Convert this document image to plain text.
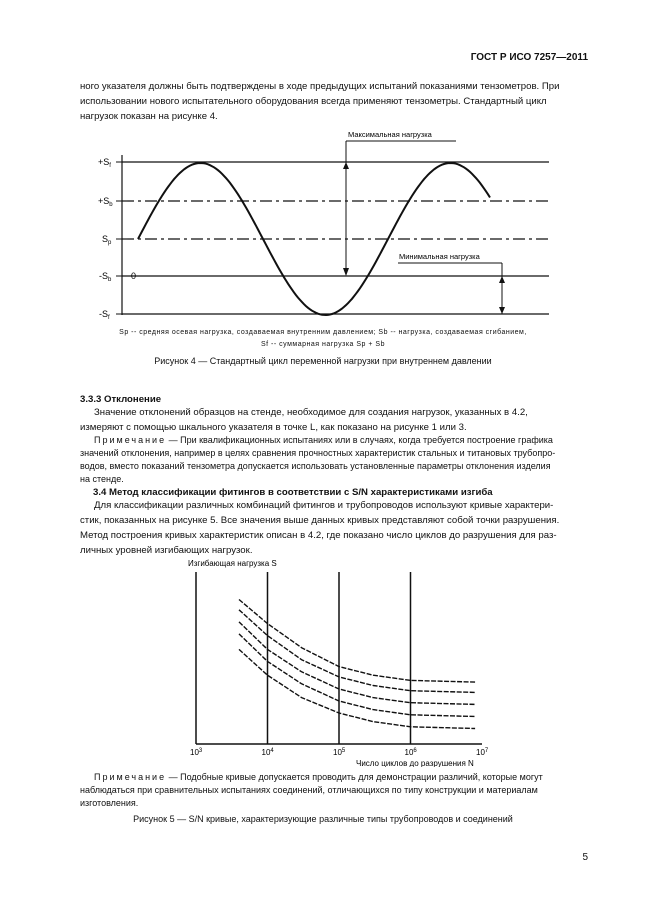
ГОСТ Р ИСО 7257—2011
ного указателя должны быть подтверждены в ходе предыдущих испытаний показаниями тензометров. При
использовании нового испытательного оборудования всегда применяют тензометры. Стандартный цикл
нагрузок показан на рисунке 4.
Максимальная нагрузка
Минимальная нагрузка
$+S_f$
$+S_b$
$S_p$
$-S_b$
$-S_f$
0
Sp -- средняя осевая нагрузка, создаваемая внутренним давлением; Sb -- нагрузка, создаваемая сгибанием,
Sf -- суммарная нагрузка Sp + Sb
Рисунок 4 — Стандартный цикл переменной нагрузки при внутреннем давлении
3.3.3 Отклонение
Значение отклонений образцов на стенде, необходимое для создания нагрузок, указанных в 4.2,
измеряют с помощью шкального указателя в точке L, как показано на рисунке 1 или 3.
Примечание — При квалификационных испытаниях или в случаях, когда требуется построение графика
значений отклонения, например в целях сравнения прочностных характеристик стальных и титановых трубопро-
водов, вместо показаний тензометра допускается использовать установленные параметры отклонения изделия
на стенде.
3.4 Метод классификации фитингов в соответствии с S/N характеристиками изгиба
Для классификации различных комбинаций фитингов и трубопроводов используют кривые характери-
стик, показанных на рисунке 5. Все значения выше данных кривых представляют собой точки разрушения.
Метод построения кривых характеристик описан в 4.2, где показано число циклов до разрушения для раз-
личных уровней изгибающих нагрузок.
Изгибающая нагрузка S
$10^3$	$10^4$	$10^5$	$10^6$	$10^7$
Число циклов до разрушения N
Примечание — Подобные кривые допускается проводить для демонстрации различий, которые могут
наблюдаться при сравнительных испытаниях соединений, отличающихся по типу конструкции и материалам
изготовления.
Рисунок 5 — S/N кривые, характеризующие различные типы трубопроводов и соединений
5
